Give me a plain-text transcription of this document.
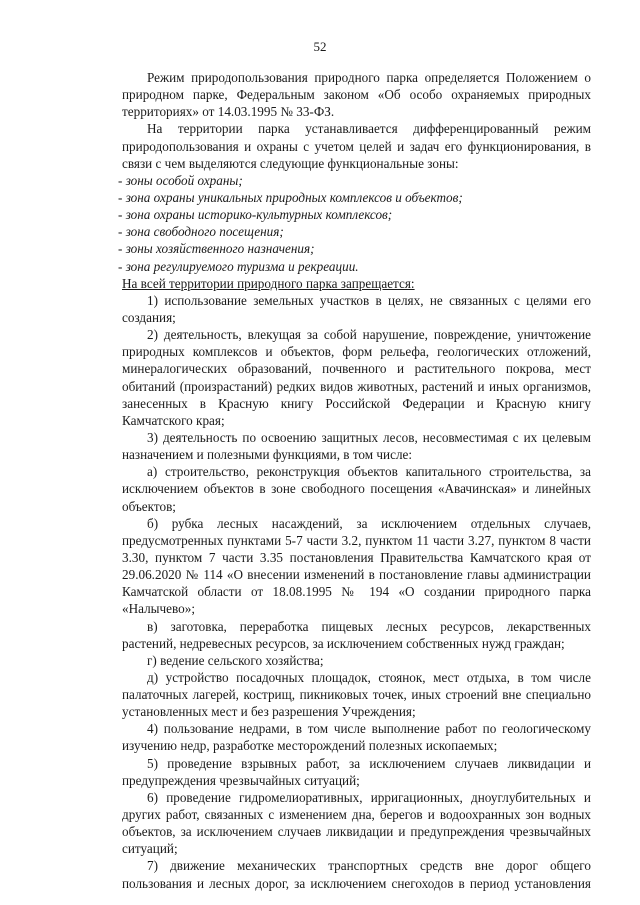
52
Режим природопользования природного парка определяется Положением о
природном парке, Федеральным законом «Об особо охраняемых природных
территориях» от 14.03.1995 № 33-ФЗ.
На территории парка устанавливается дифференцированный режим
природопользования и охраны с учетом целей и задач его функционирования, в
связи с чем выделяются следующие функциональные зоны:
- зоны особой охраны;
- зона охраны уникальных природных комплексов и объектов;
- зона охраны историко-культурных комплексов;
- зона свободного посещения;
- зоны хозяйственного назначения;
- зона регулируемого туризма и рекреации.
На всей территории природного парка запрещается:
1) использование земельных участков в целях, не связанных с целями его
создания;
2) деятельность, влекущая за собой нарушение, повреждение, уничтожение
природных комплексов и объектов, форм рельефа, геологических отложений,
минералогических образований, почвенного и растительного покрова, мест
обитаний (произрастаний) редких видов животных, растений и иных организмов,
занесенных в Красную книгу Российской Федерации и Красную книгу
Камчатского края;
3) деятельность по освоению защитных лесов, несовместимая с их целевым
назначением и полезными функциями, в том числе:
а) строительство, реконструкция объектов капитального строительства, за
исключением объектов в зоне свободного посещения «Авачинская» и линейных
объектов;
б) рубка лесных насаждений, за исключением отдельных случаев,
предусмотренных пунктами 5-7 части 3.2, пунктом 11 части 3.27, пунктом 8 части
3.30, пунктом 7 части 3.35 постановления Правительства Камчатского края от
29.06.2020 № 114 «О внесении изменений в постановление главы администрации
Камчатской области от 18.08.1995 № 194 «О создании природного парка
«Налычево»;
в) заготовка, переработка пищевых лесных ресурсов, лекарственных
растений, недревесных ресурсов, за исключением собственных нужд граждан;
г) ведение сельского хозяйства;
д) устройство посадочных площадок, стоянок, мест отдыха, в том числе
палаточных лагерей, кострищ, пикниковых точек, иных строений вне специально
установленных мест и без разрешения Учреждения;
4) пользование недрами, в том числе выполнение работ по геологическому
изучению недр, разработке месторождений полезных ископаемых;
5) проведение взрывных работ, за исключением случаев ликвидации и
предупреждения чрезвычайных ситуаций;
6) проведение гидромелиоративных, ирригационных, дноуглубительных и
других работ, связанных с изменением дна, берегов и водоохранных зон водных
объектов, за исключением случаев ликвидации и предупреждения чрезвычайных
ситуаций;
7) движение механических транспортных средств вне дорог общего
пользования и лесных дорог, за исключением снегоходов в период установления
